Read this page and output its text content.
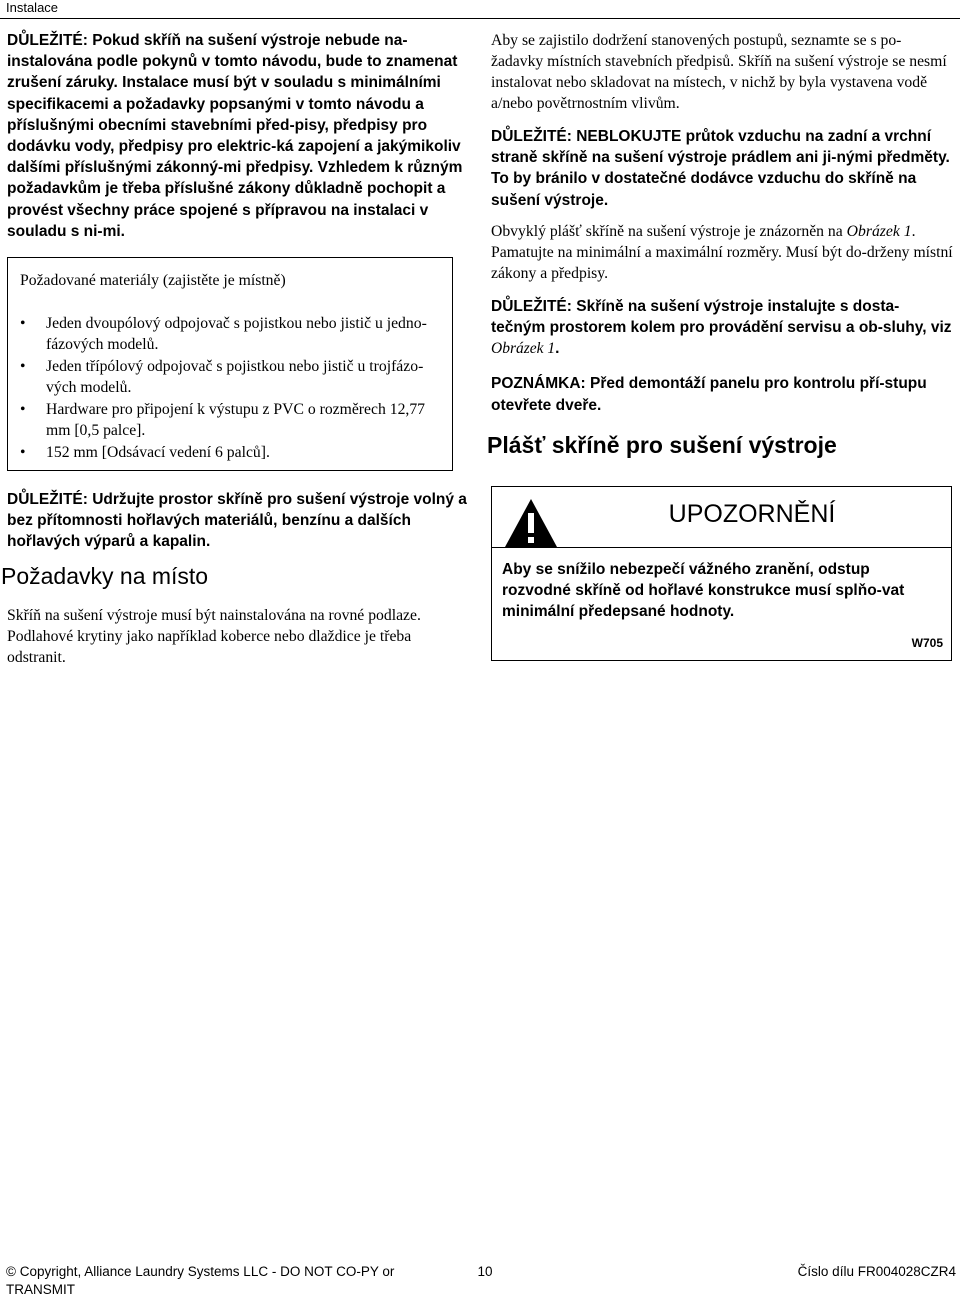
Instalace

DŮLEŽITÉ: Pokud skříň na sušení výstroje nebude na-instalována podle pokynů v tomto návodu, bude to znamenat zrušení záruky. Instalace musí být v souladu s minimálními specifikacemi a požadavky popsanými v tomto návodu a příslušnými obecními stavebními před-pisy, předpisy pro dodávku vody, předpisy pro elektric-ká zapojení a jakýmikoliv dalšími příslušnými zákonný-mi předpisy. Vzhledem k různým požadavkům je třeba příslušné zákony důkladně pochopit a provést všechny práce spojené s přípravou na instalaci v souladu s ni-mi.

Požadované materiály (zajistěte je místně)

• Jeden dvoupólový odpojovač s pojistkou nebo jistič u jedno-fázových modelů.
• Jeden třípólový odpojovač s pojistkou nebo jistič u trojfázo-vých modelů.
• Hardware pro připojení k výstupu z PVC o rozměrech 12,77 mm [0,5 palce].
• 152 mm [Odsávací vedení 6 palců].

DŮLEŽITÉ: Udržujte prostor skříně pro sušení výstroje volný a bez přítomnosti hořlavých materiálů, benzínu a dalších hořlavých výparů a kapalin.

Požadavky na místo

Skříň na sušení výstroje musí být nainstalována na rovné podlaze. Podlahové krytiny jako například koberce nebo dlaždice je třeba odstranit.

Aby se zajistilo dodržení stanovených postupů, seznamte se s po-žadavky místních stavebních předpisů. Skříň na sušení výstroje se nesmí instalovat nebo skladovat na místech, v nichž by byla vystavena vodě a/nebo povětrnostním vlivům.

DŮLEŽITÉ: NEBLOKUJTE průtok vzduchu na zadní a vrchní straně skříně na sušení výstroje prádlem ani ji-nými předměty. To by bránilo v dostatečné dodávce vzduchu do skříně na sušení výstroje.

Obvyklý plášť skříně na sušení výstroje je znázorněn na Obrázek 1. Pamatujte na minimální a maximální rozměry. Musí být do-drženy místní zákony a předpisy.

DŮLEŽITÉ: Skříně na sušení výstroje instalujte s dosta-tečným prostorem kolem pro provádění servisu a ob-sluhy, viz Obrázek 1.

POZNÁMKA: Před demontáží panelu pro kontrolu pří-stupu otevřete dveře.

Plášť skříně pro sušení výstroje
UPOZORNĚNÍ

Aby se snížilo nebezpečí vážného zranění, odstup rozvodné skříně od hořlavé konstrukce musí splňo-vat minimální předepsané hodnoty.

W705
© Copyright, Alliance Laundry Systems LLC - DO NOT CO-PY or TRANSMIT
10	Číslo dílu FR004028CZR4
